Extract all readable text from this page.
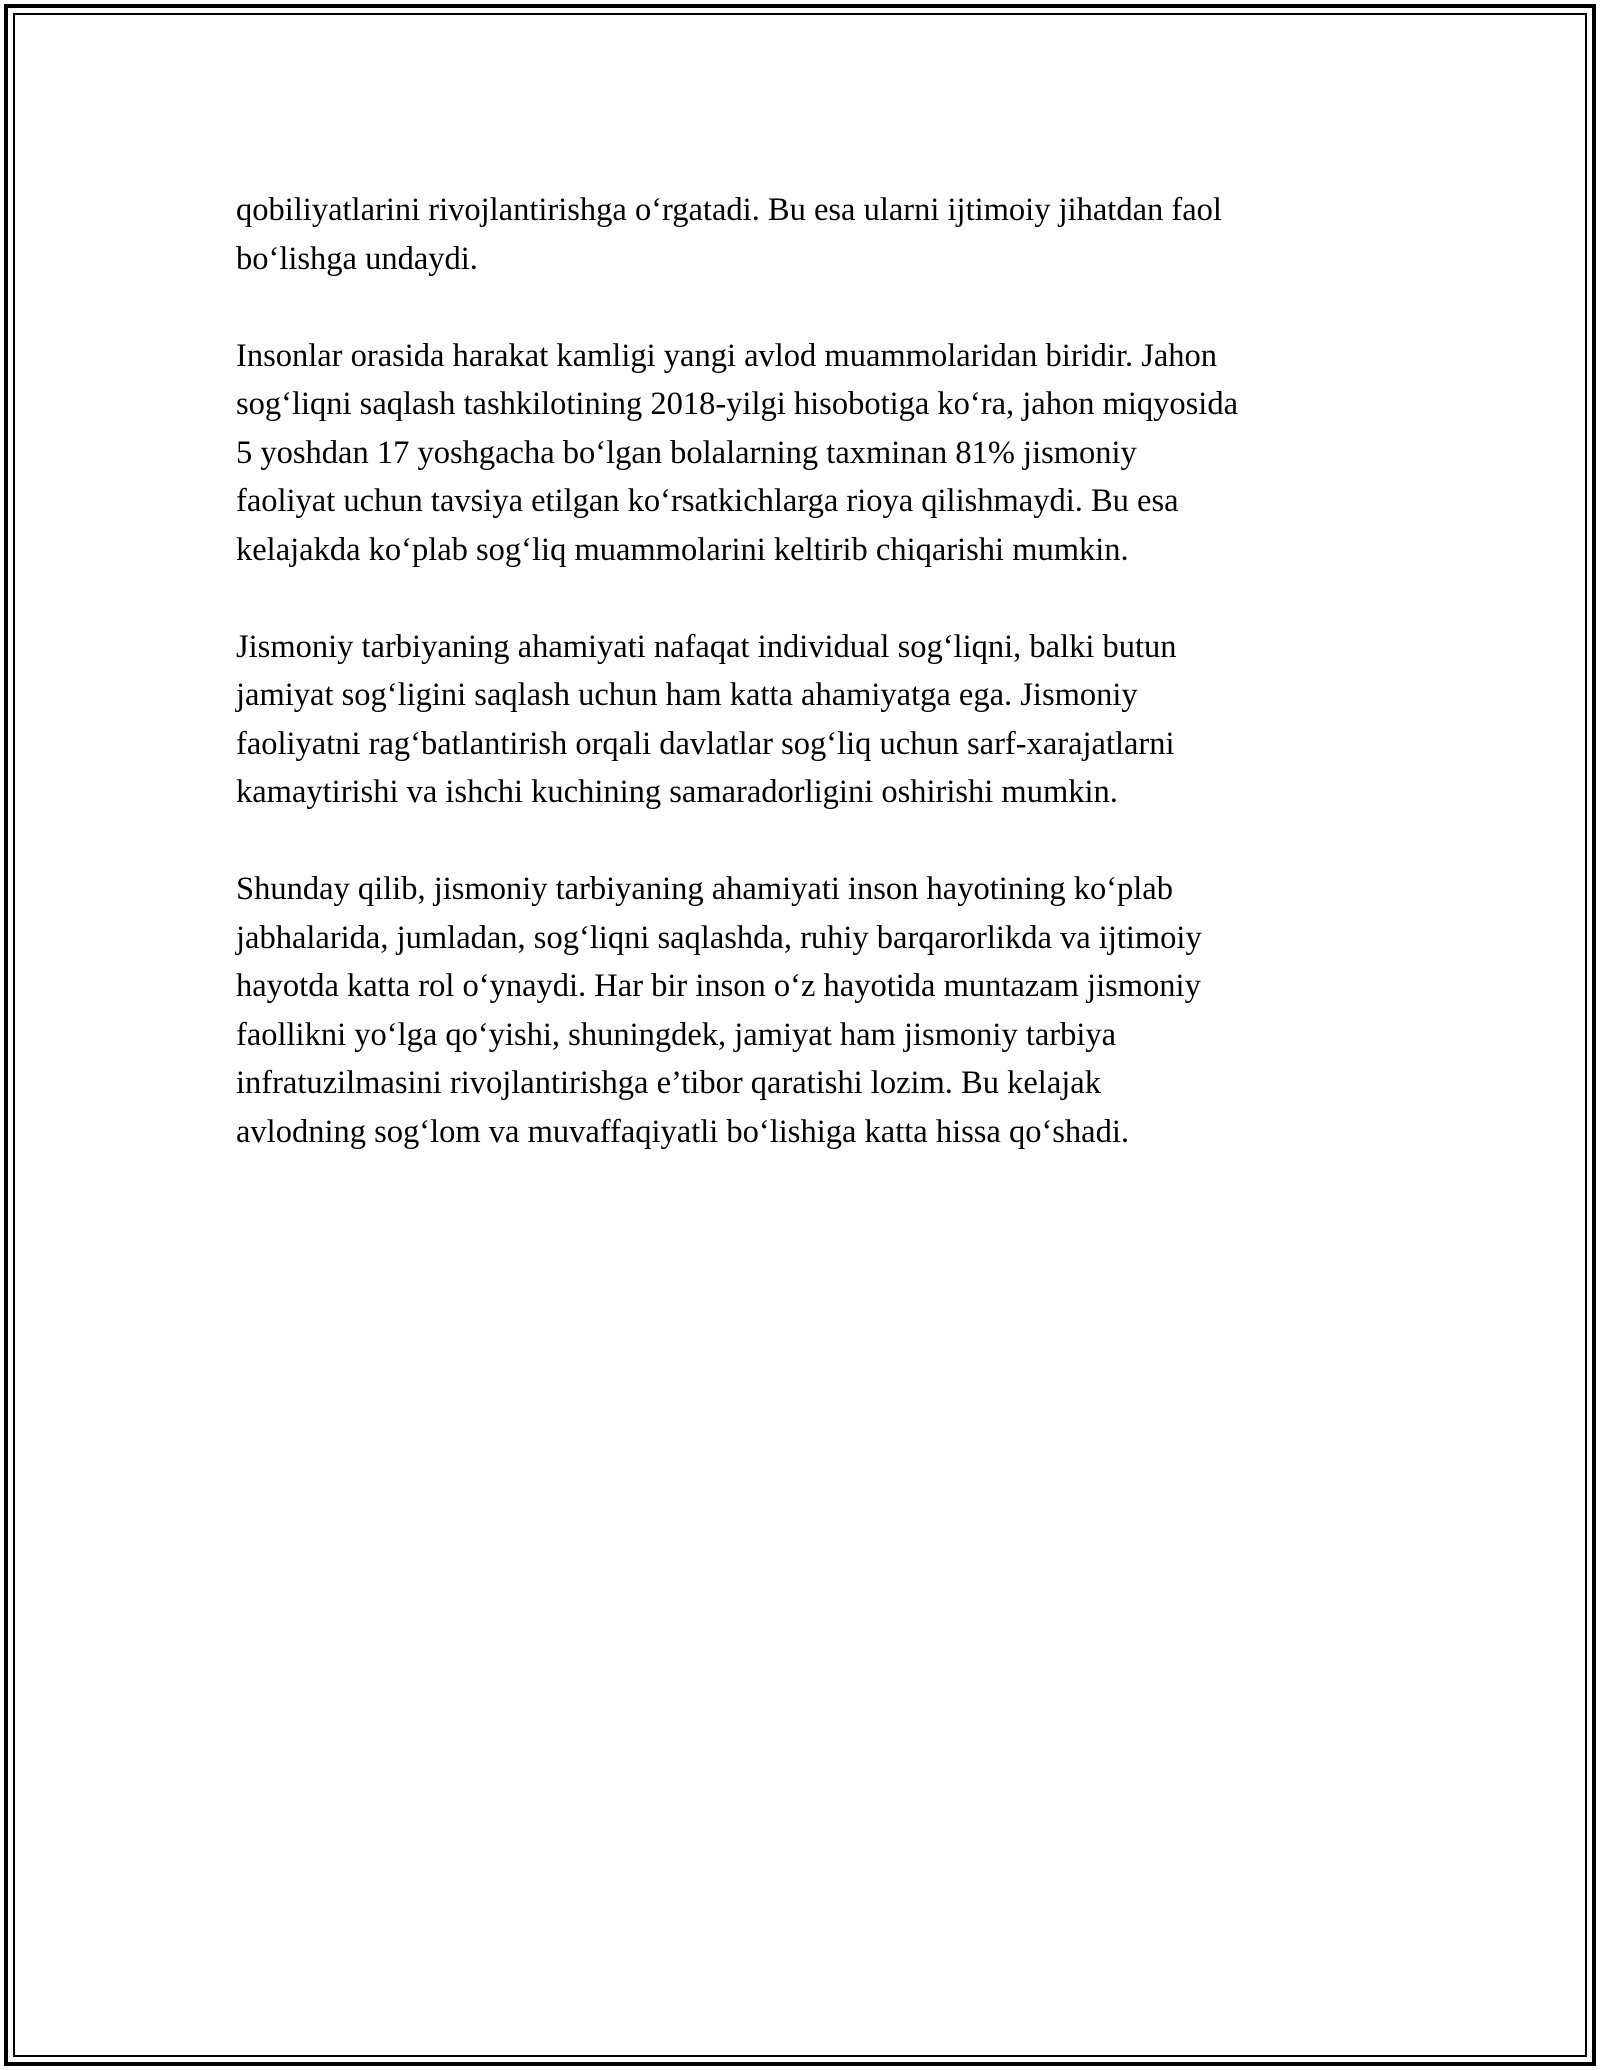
qobiliyatlarini rivojlantirishga o‘rgatadi. Bu esa ularni ijtimoiy jihatdan faol
bo‘lishga undaydi.

Insonlar orasida harakat kamligi yangi avlod muammolaridan biridir. Jahon
sog‘liqni saqlash tashkilotining 2018-yilgi hisobotiga ko‘ra, jahon miqyosida
5 yoshdan 17 yoshgacha bo‘lgan bolalarning taxminan 81% jismoniy
faoliyat uchun tavsiya etilgan ko‘rsatkichlarga rioya qilishmaydi. Bu esa
kelajakda ko‘plab sog‘liq muammolarini keltirib chiqarishi mumkin.

Jismoniy tarbiyaning ahamiyati nafaqat individual sog‘liqni, balki butun
jamiyat sog‘ligini saqlash uchun ham katta ahamiyatga ega. Jismoniy
faoliyatni rag‘batlantirish orqali davlatlar sog‘liq uchun sarf-xarajatlarni
kamaytirishi va ishchi kuchining samaradorligini oshirishi mumkin.

Shunday qilib, jismoniy tarbiyaning ahamiyati inson hayotining ko‘plab
jabhalarida, jumladan, sog‘liqni saqlashda, ruhiy barqarorlikda va ijtimoiy
hayotda katta rol o‘ynaydi. Har bir inson o‘z hayotida muntazam jismoniy
faollikni yo‘lga qo‘yishi, shuningdek, jamiyat ham jismoniy tarbiya
infratuzilmasini rivojlantirishga e’tibor qaratishi lozim. Bu kelajak
avlodning sog‘lom va muvaffaqiyatli bo‘lishiga katta hissa qo‘shadi.
